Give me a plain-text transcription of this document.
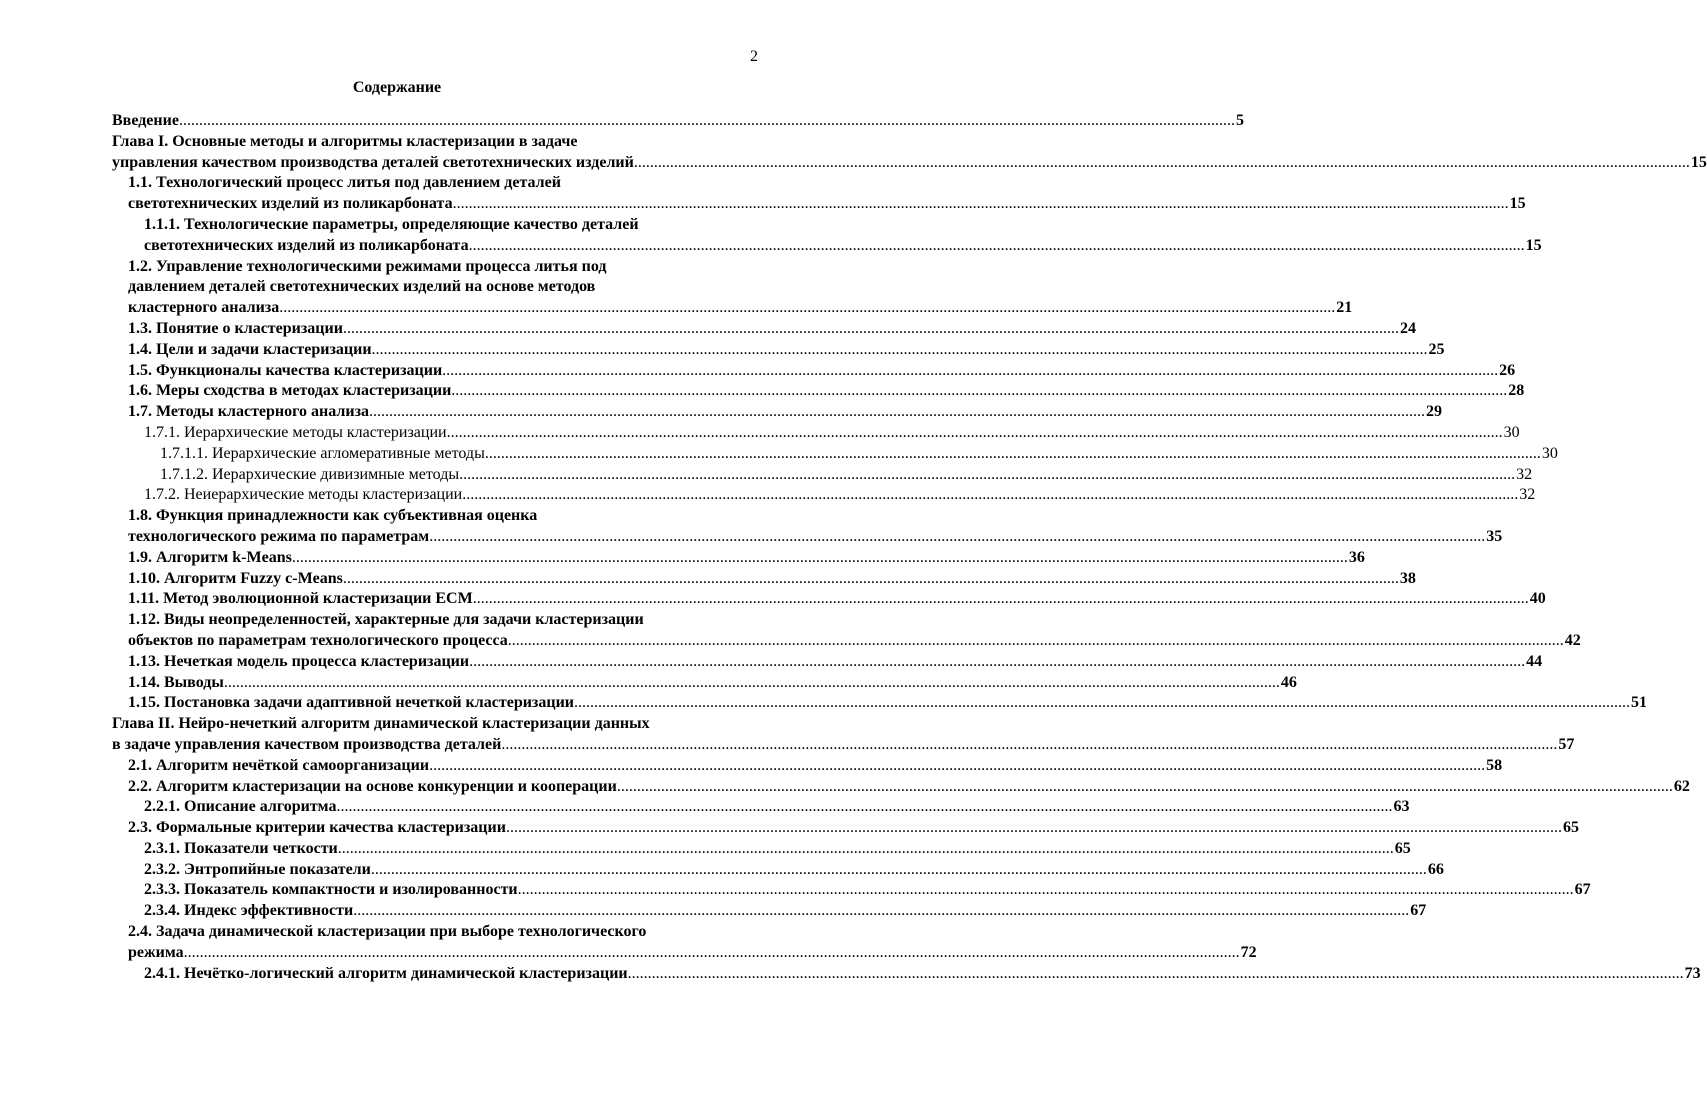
2
Содержание
Введение .....	5
Глава I. Основные методы и алгоритмы кластеризации в задаче
управления качеством производства деталей светотехнических изделий .....	15
1.1. Технологический процесс литья под давлением деталей
светотехнических изделий из поликарбоната .....	15
1.1.1. Технологические параметры, определяющие качество деталей
светотехнических изделий из поликарбоната .....	15
1.2. Управление технологическими режимами процесса литья под
давлением деталей светотехнических изделий на основе методов
кластерного анализа .....	21
1.3. Понятие о кластеризации .....	24
1.4. Цели и задачи кластеризации .....	25
1.5. Функционалы качества кластеризации .....	26
1.6. Меры сходства в методах кластеризации .....	28
1.7. Методы кластерного анализа .....	29
1.7.1. Иерархические методы кластеризации .....	30
1.7.1.1. Иерархические агломеративные методы .....	30
1.7.1.2. Иерархические дивизимные методы .....	32
1.7.2. Неиерархические методы кластеризации .....	32
1.8. Функция принадлежности как субъективная оценка
технологического режима по параметрам .....	35
1.9. Алгоритм k-Means .....	36
1.10. Алгоритм Fuzzy c-Means .....	38
1.11. Метод эволюционной кластеризации ECM .....	40
1.12. Виды неопределенностей, характерные для задачи кластеризации
объектов по параметрам технологического процесса .....	42
1.13. Нечеткая модель процесса кластеризации .....	44
1.14. Выводы .....	46
1.15. Постановка задачи адаптивной нечеткой кластеризации .....	51
Глава II. Нейро-нечеткий алгоритм динамической кластеризации данных
в задаче управления качеством производства деталей .....	57
2.1. Алгоритм нечёткой самоорганизации .....	58
2.2. Алгоритм кластеризации на основе конкуренции и кооперации .....	62
2.2.1. Описание алгоритма .....	63
2.3. Формальные критерии качества кластеризации .....	65
2.3.1. Показатели четкости .....	65
2.3.2. Энтропийные показатели .....	66
2.3.3. Показатель компактности и изолированности .....	67
2.3.4. Индекс эффективности .....	67
2.4. Задача динамической кластеризации при выборе технологического
режима .....	72
2.4.1. Нечётко-логический алгоритм динамической кластеризации .....	73
